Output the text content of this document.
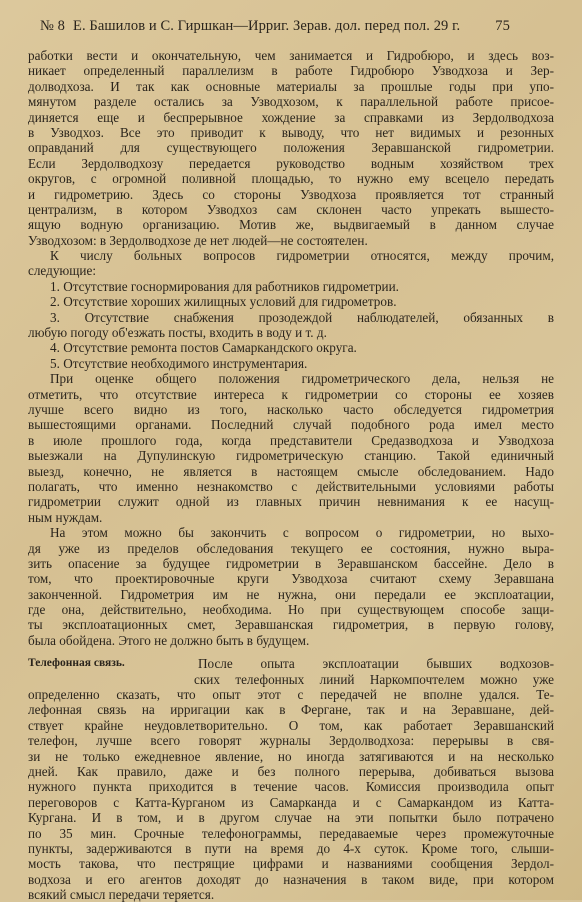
№ 8 Е. Башилов и С. Гиршкан—Ирриг. Зерав. дол. перед пол. 29 г. 75
работки вести и окончательную, чем занимается и Гидробюро, и здесь воз-
никает определенный параллелизм в работе Гидробюро Узводхоза и Зер-
долводхоза. И так как основные материалы за прошлые годы при упо-
мянутом разделе остались за Узводхозом, к параллельной работе присое-
диняется еще и беспрерывное хождение за справками из Зердолводхоза
в Узводхоз. Все это приводит к выводу, что нет видимых и резонных
оправданий для существующего положения Зеравшанской гидрометрии.
Если Зердолводхозу передается руководство водным хозяйством трех
округов, с огромной поливной площадью, то нужно ему всецело передать
и гидрометрию. Здесь со стороны Узводхоза проявляется тот странный
централизм, в котором Узводхоз сам склонен часто упрекать вышесто-
ящую водную организацию. Мотив же, выдвигаемый в данном случае
Узводхозом: в Зердолводхозе де нет людей—не состоятелен.
К числу больных вопросов гидрометрии относятся, между прочим,
следующие:
1. Отсутствие госнормирования для работников гидрометрии.
2. Отсутствие хороших жилищных условий для гидрометров.
3. Отсутствие снабжения прозодеждой наблюдателей, обязанных в
любую погоду об'езжать посты, входить в воду и т. д.
4. Отсутствие ремонта постов Самаркандского округа.
5. Отсутствие необходимого инструментария.
При оценке общего положения гидрометрического дела, нельзя не
отметить, что отсутствие интереса к гидрометрии со стороны ее хозяев
лучше всего видно из того, насколько часто обследуется гидрометрия
вышестоящими органами. Последний случай подобного рода имел место
в июле прошлого года, когда представители Средазводхоза и Узводхоза
выезжали на Дупулинскую гидрометрическую станцию. Такой единичный
выезд, конечно, не является в настоящем смысле обследованием. Надо
полагать, что именно незнакомство с действительными условиями работы
гидрометрии служит одной из главных причин невнимания к ее насущ-
ным нуждам.
На этом можно бы закончить с вопросом о гидрометрии, но выхо-
дя уже из пределов обследования текущего ее состояния, нужно выра-
зить опасение за будущее гидрометрии в Зеравшанском бассейне. Дело в
том, что проектировочные круги Узводхоза считают схему Зеравшана
законченной. Гидрометрия им не нужна, они передали ее эксплоатации,
где она, действительно, необходима. Но при существующем способе защи-
ты эксплоатационных смет, Зеравшанская гидрометрия, в первую голову,
была обойдена. Этого не должно быть в будущем.
Телефонная связь.	После опыта эксплоатации бывших водхозов-
ских телефонных линий Наркомпочтелем можно уже
определенно сказать, что опыт этот с передачей не вполне удался. Те-
лефонная связь на ирригации как в Фергане, так и на Зеравшане, дей-
ствует крайне неудовлетворительно. О том, как работает Зеравшанский
телефон, лучше всего говорят журналы Зердолводхоза: перерывы в свя-
зи не только ежедневное явление, но иногда затягиваются и на несколько
дней. Как правило, даже и без полного перерыва, добиваться вызова
нужного пункта приходится в течение часов. Комиссия производила опыт
переговоров с Катта-Курганом из Самарканда и с Самаркандом из Катта-
Кургана. И в том, и в другом случае на эти попытки было потрачено
по 35 мин. Срочные телефонограммы, передаваемые через промежуточные
пункты, задерживаются в пути на время до 4-х суток. Кроме того, слыши-
мость такова, что пестрящие цифрами и названиями сообщения Зердол-
водхоза и его агентов доходят до назначения в таком виде, при котором
всякий смысл передачи теряется.
